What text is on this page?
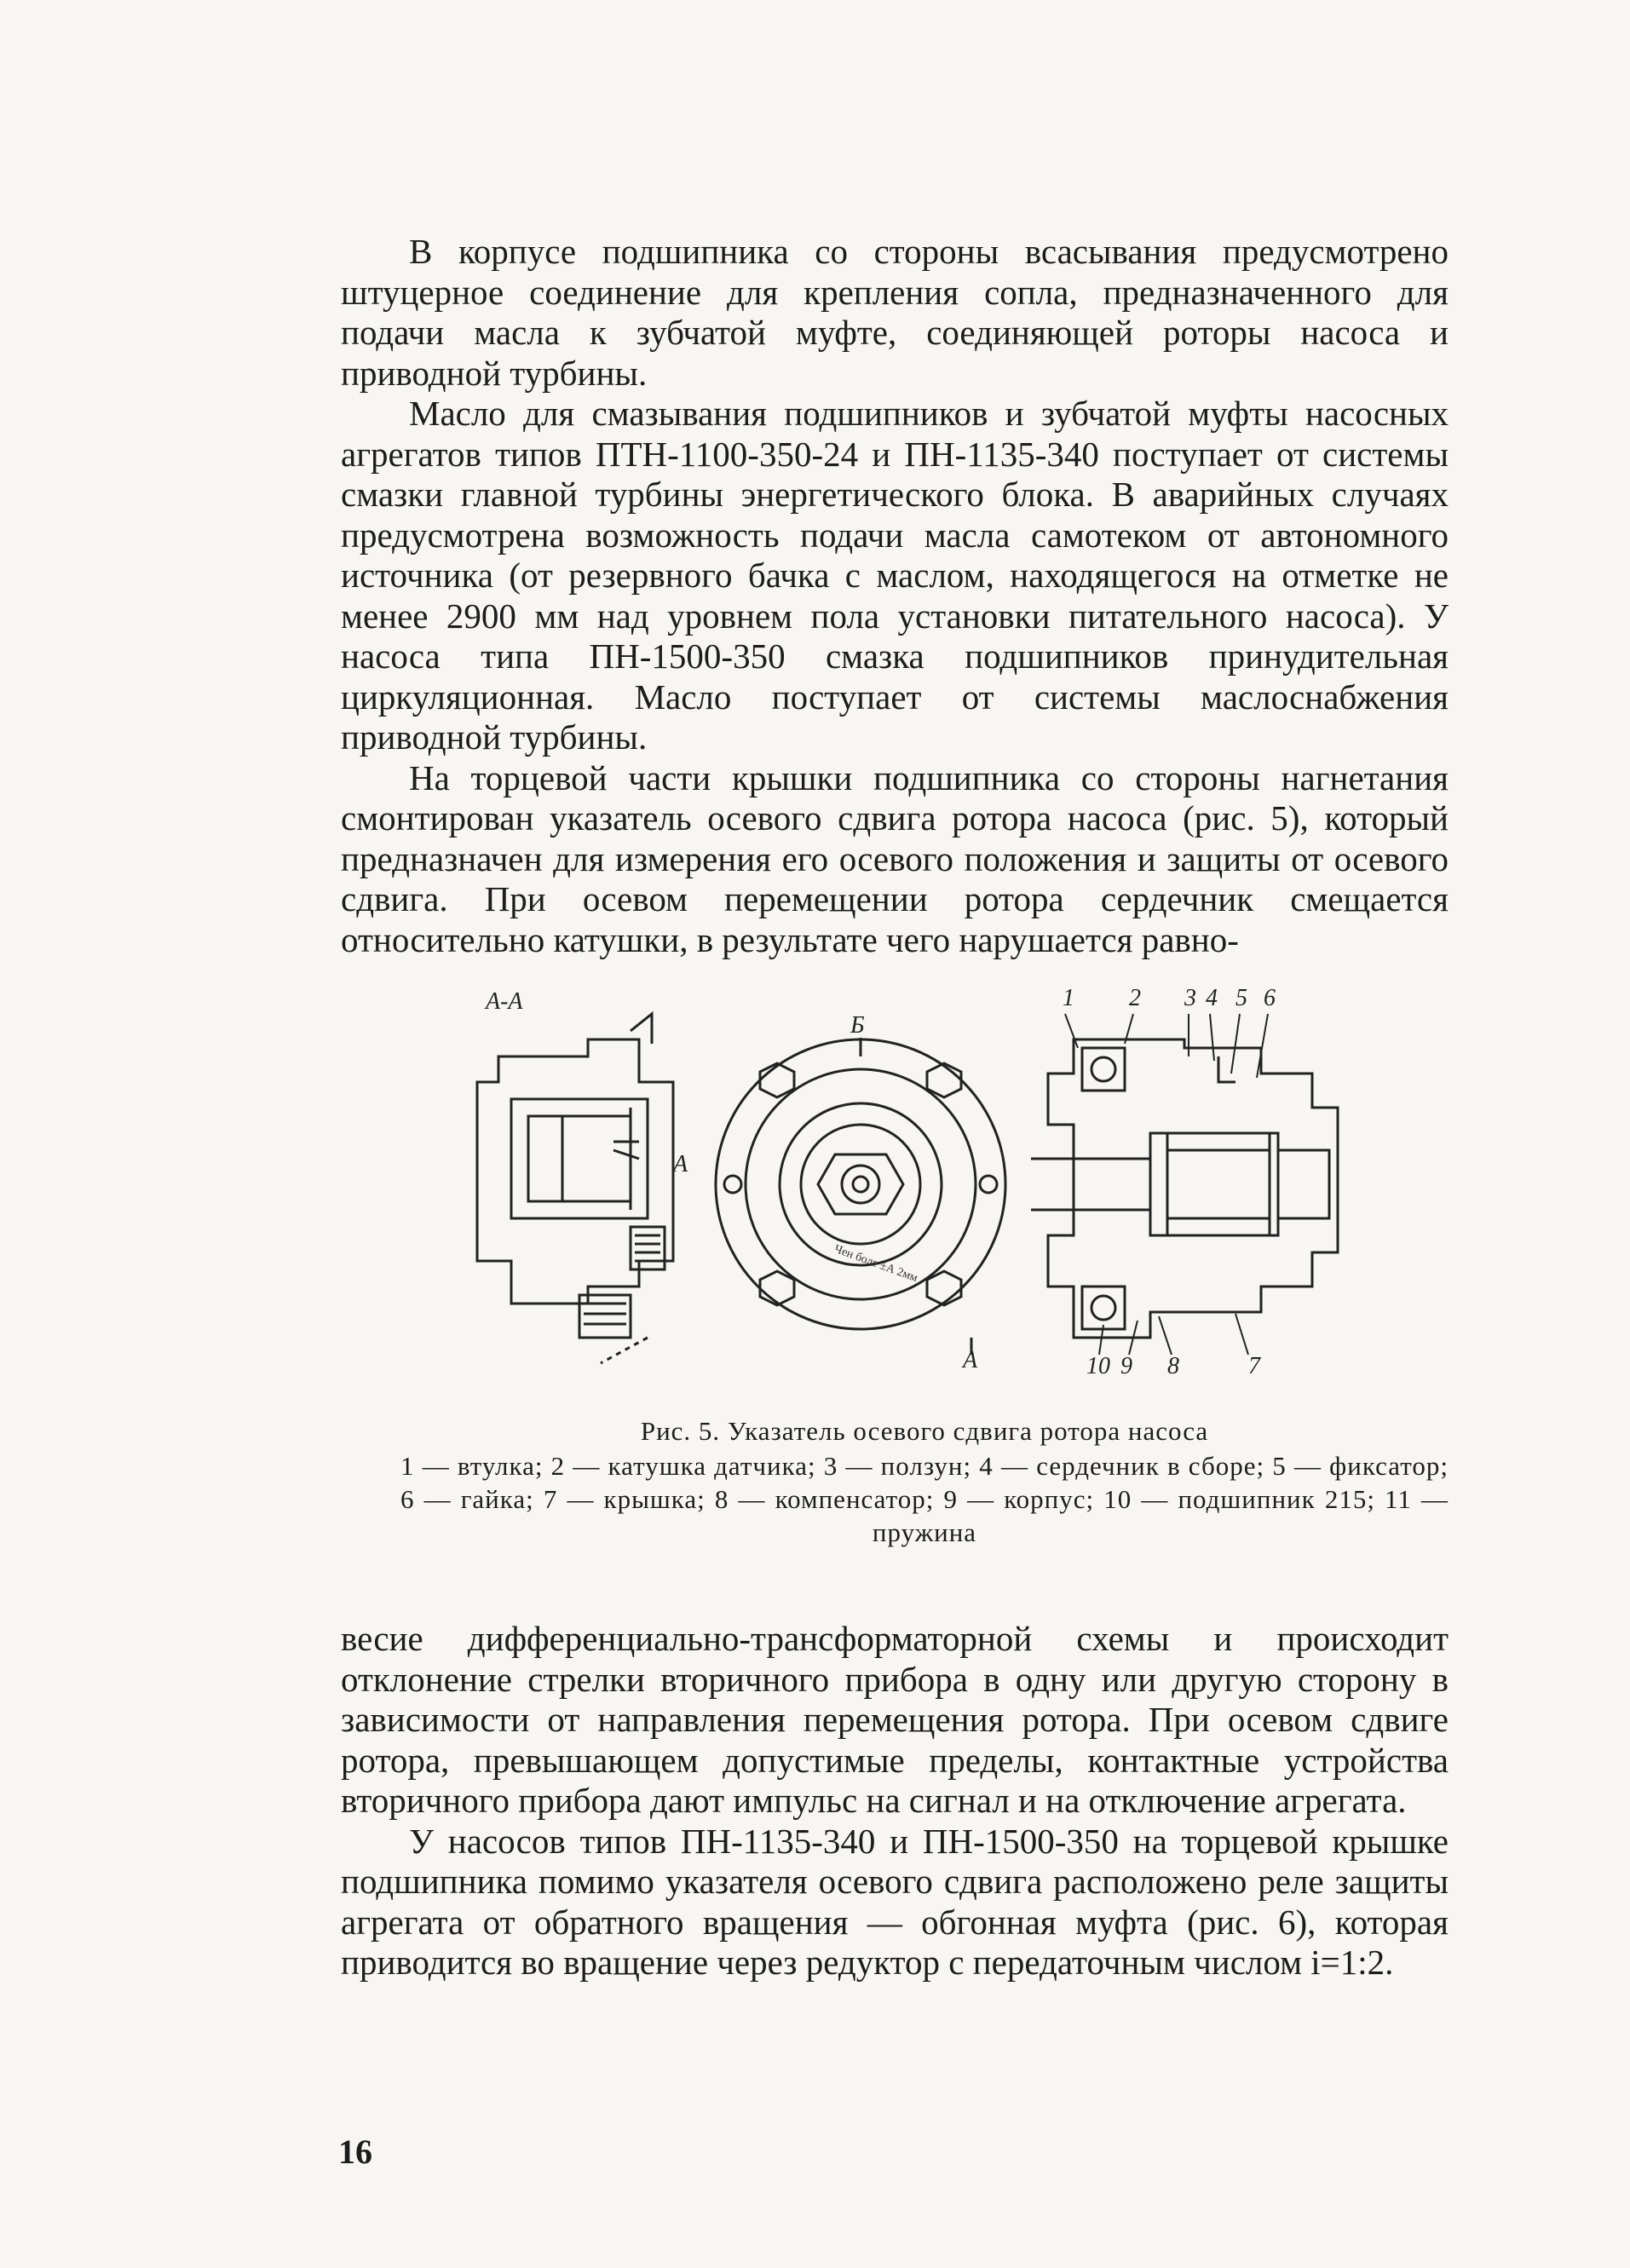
В корпусе подшипника со стороны всасывания предусмотрено штуцерное соединение для крепления сопла, предназначенного для подачи масла к зубчатой муфте, соединяющей роторы насоса и приводной турбины.

Масло для смазывания подшипников и зубчатой муфты насосных агрегатов типов ПТН-1100-350-24 и ПН-1135-340 поступает от системы смазки главной турбины энергетического блока. В аварийных случаях предусмотрена возможность подачи масла самотеком от автономного источника (от резервного бачка с маслом, находящегося на отметке не менее 2900 мм над уровнем пола установки питательного насоса). У насоса типа ПН-1500-350 смазка подшипников принудительная циркуляционная. Масло поступает от системы маслоснабжения приводной турбины.

На торцевой части крышки подшипника со стороны нагнетания смонтирован указатель осевого сдвига ротора насоса (рис. 5), который предназначен для измерения его осевого положения и защиты от осевого сдвига. При осевом перемещении ротора сердечник смещается относительно катушки, в результате чего нарушается равно-

А-А
А
Б
Чен боле ±А 2мм
А
1 2 3 4 5 6
10 9 8	7
Рис. 5. Указатель осевого сдвига ротора насоса
1 — втулка; 2 — катушка датчика; 3 — ползун; 4 — сердечник в сборе; 5 — фиксатор; 6 — гайка; 7 — крышка; 8 — компенсатор; 9 — корпус; 10 — подшипник 215; 11 — пружина

весие дифференциально-трансформаторной схемы и происходит отклонение стрелки вторичного прибора в одну или другую сторону в зависимости от направления перемещения ротора. При осевом сдвиге ротора, превышающем допустимые пределы, контактные устройства вторичного прибора дают импульс на сигнал и на отключение агрегата.

У насосов типов ПН-1135-340 и ПН-1500-350 на торцевой крышке подшипника помимо указателя осевого сдвига расположено реле защиты агрегата от обратного вращения — обгонная муфта (рис. 6), которая приводится во вращение через редуктор с передаточным числом i=1:2.

16
